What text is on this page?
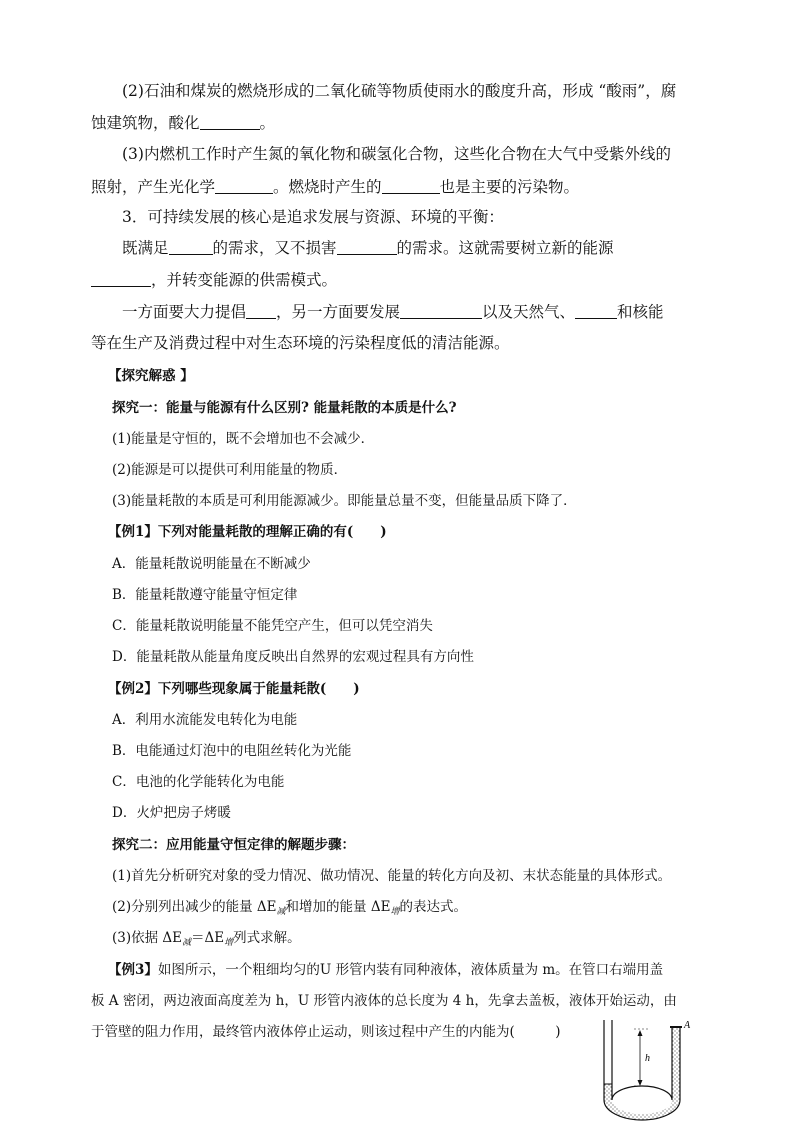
(2)石油和煤炭的燃烧形成的二氧化硫等物质使雨水的酸度升高，形成 “酸雨”，腐
蚀建筑物，酸化	。
(3)内燃机工作时产生氮的氧化物和碳氢化合物，这些化合物在大气中受紫外线的
照射，产生光化学	。燃烧时产生的	也是主要的污染物。
3．可持续发展的核心是追求发展与资源、环境的平衡：
既满足	的需求，又不损害	的需求。这就需要树立新的能源
，并转变能源的供需模式。
一方面要大力提倡 ，另一方面要发展	以及天然气、	和核能
等在生产及消费过程中对生态环境的污染程度低的清洁能源。
【探究解惑 】
探究一：能量与能源有什么区别? 能量耗散的本质是什么?
(1)能量是守恒的，既不会增加也不会减少．
(2)能源是可以提供可利用能量的物质．
(3)能量耗散的本质是可利用能源减少。即能量总量不变，但能量品质下降了．
【例1】下列对能量耗散的理解正确的有(　　)
A．能量耗散说明能量在不断减少
B．能量耗散遵守能量守恒定律
C．能量耗散说明能量不能凭空产生，但可以凭空消失
D．能量耗散从能量角度反映出自然界的宏观过程具有方向性
【例2】下列哪些现象属于能量耗散(　　)
A．利用水流能发电转化为电能
B．电能通过灯泡中的电阻丝转化为光能
C．电池的化学能转化为电能
D．火炉把房子烤暖
探究二：应用能量守恒定律的解题步骤：
(1)首先分析研究对象的受力情况、做功情况、能量的转化方向及初、末状态能量的具体形式。
(2)分别列出减少的能量 $\Delta E_减$和增加的能量 $\Delta E_增$的表达式。
(3)依据 $\Delta E_减=\Delta E_增$列式求解。
【例3】如图所示，一个粗细均匀的U 形管内装有同种液体，液体质量为 m。在管口右端用盖
板 A 密闭，两边液面高度差为 h，U 形管内液体的总长度为 4 h，先拿去盖板，液体开始运动，由
于管壁的阻力作用，最终管内液体停止运动，则该过程中产生的内能为(　　　)	A
h
